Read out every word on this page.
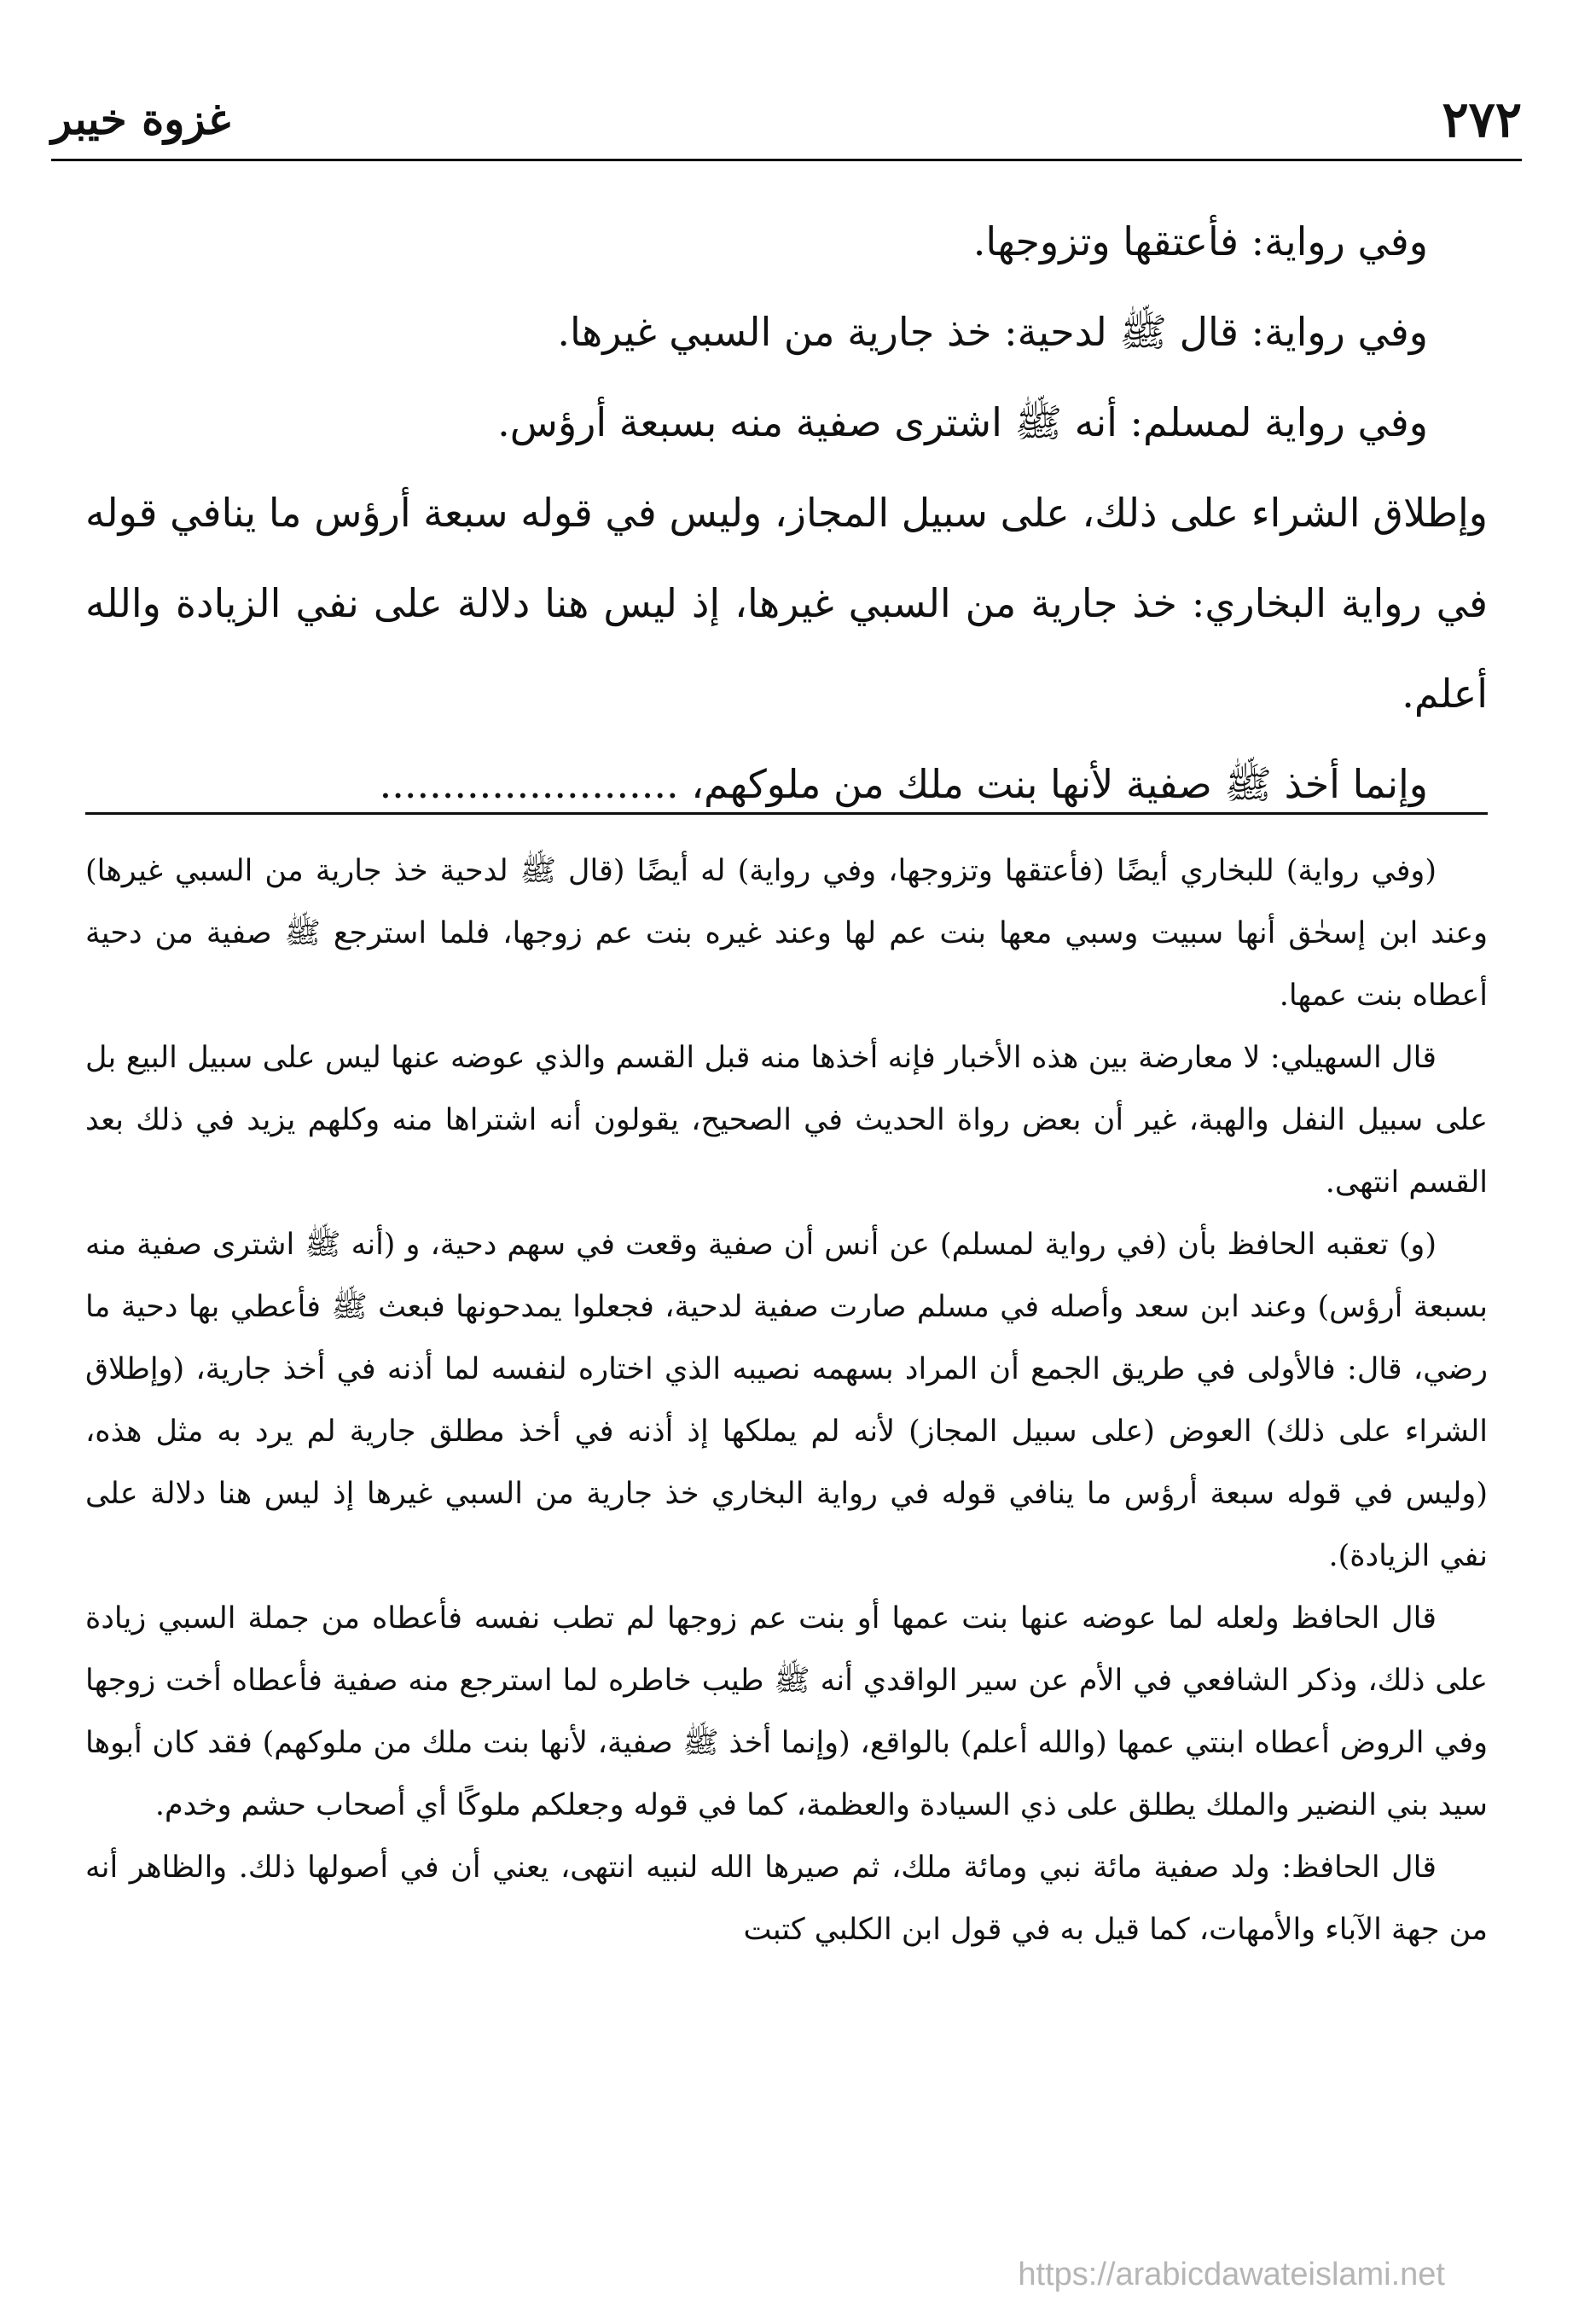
٢٧٢
غزوة خيبر

وفي رواية: فأعتقها وتزوجها.

وفي رواية: قال ﷺ لدحية: خذ جارية من السبي غيرها.

وفي رواية لمسلم: أنه ﷺ اشترى صفية منه بسبعة أرؤس.

وإطلاق الشراء على ذلك، على سبيل المجاز، وليس في قوله سبعة أرؤس ما ينافي قوله في رواية البخاري: خذ جارية من السبي غيرها، إذ ليس هنا دلالة على نفي الزيادة والله أعلم.

وإنما أخذ ﷺ صفية لأنها بنت ملك من ملوكهم، ........................

(وفي رواية) للبخاري أيضًا (فأعتقها وتزوجها، وفي رواية) له أيضًا (قال ﷺ لدحية خذ جارية من السبي غيرها) وعند ابن إسحٰق أنها سبيت وسبي معها بنت عم لها وعند غيره بنت عم زوجها، فلما استرجع ﷺ صفية من دحية أعطاه بنت عمها.

قال السهيلي: لا معارضة بين هذه الأخبار فإنه أخذها منه قبل القسم والذي عوضه عنها ليس على سبيل البيع بل على سبيل النفل والهبة، غير أن بعض رواة الحديث في الصحيح، يقولون أنه اشتراها منه وكلهم يزيد في ذلك بعد القسم انتهى.

(و) تعقبه الحافظ بأن (في رواية لمسلم) عن أنس أن صفية وقعت في سهم دحية، و (أنه ﷺ اشترى صفية منه بسبعة أرؤس) وعند ابن سعد وأصله في مسلم صارت صفية لدحية، فجعلوا يمدحونها فبعث ﷺ فأعطي بها دحية ما رضي، قال: فالأولى في طريق الجمع أن المراد بسهمه نصيبه الذي اختاره لنفسه لما أذنه في أخذ جارية، (وإطلاق الشراء على ذلك) العوض (على سبيل المجاز) لأنه لم يملكها إذ أذنه في أخذ مطلق جارية لم يرد به مثل هذه، (وليس في قوله سبعة أرؤس ما ينافي قوله في رواية البخاري خذ جارية من السبي غيرها إذ ليس هنا دلالة على نفي الزيادة).

قال الحافظ ولعله لما عوضه عنها بنت عمها أو بنت عم زوجها لم تطب نفسه فأعطاه من جملة السبي زيادة على ذلك، وذكر الشافعي في الأم عن سير الواقدي أنه ﷺ طيب خاطره لما استرجع منه صفية فأعطاه أخت زوجها وفي الروض أعطاه ابنتي عمها (والله أعلم) بالواقع، (وإنما أخذ ﷺ صفية، لأنها بنت ملك من ملوكهم) فقد كان أبوها سيد بني النضير والملك يطلق على ذي السيادة والعظمة، كما في قوله وجعلكم ملوكًا أي أصحاب حشم وخدم.

قال الحافظ: ولد صفية مائة نبي ومائة ملك، ثم صيرها الله لنبيه انتهى، يعني أن في أصولها ذلك. والظاهر أنه من جهة الآباء والأمهات، كما قيل به في قول ابن الكلبي كتبت

https://arabicdawateislami.net
